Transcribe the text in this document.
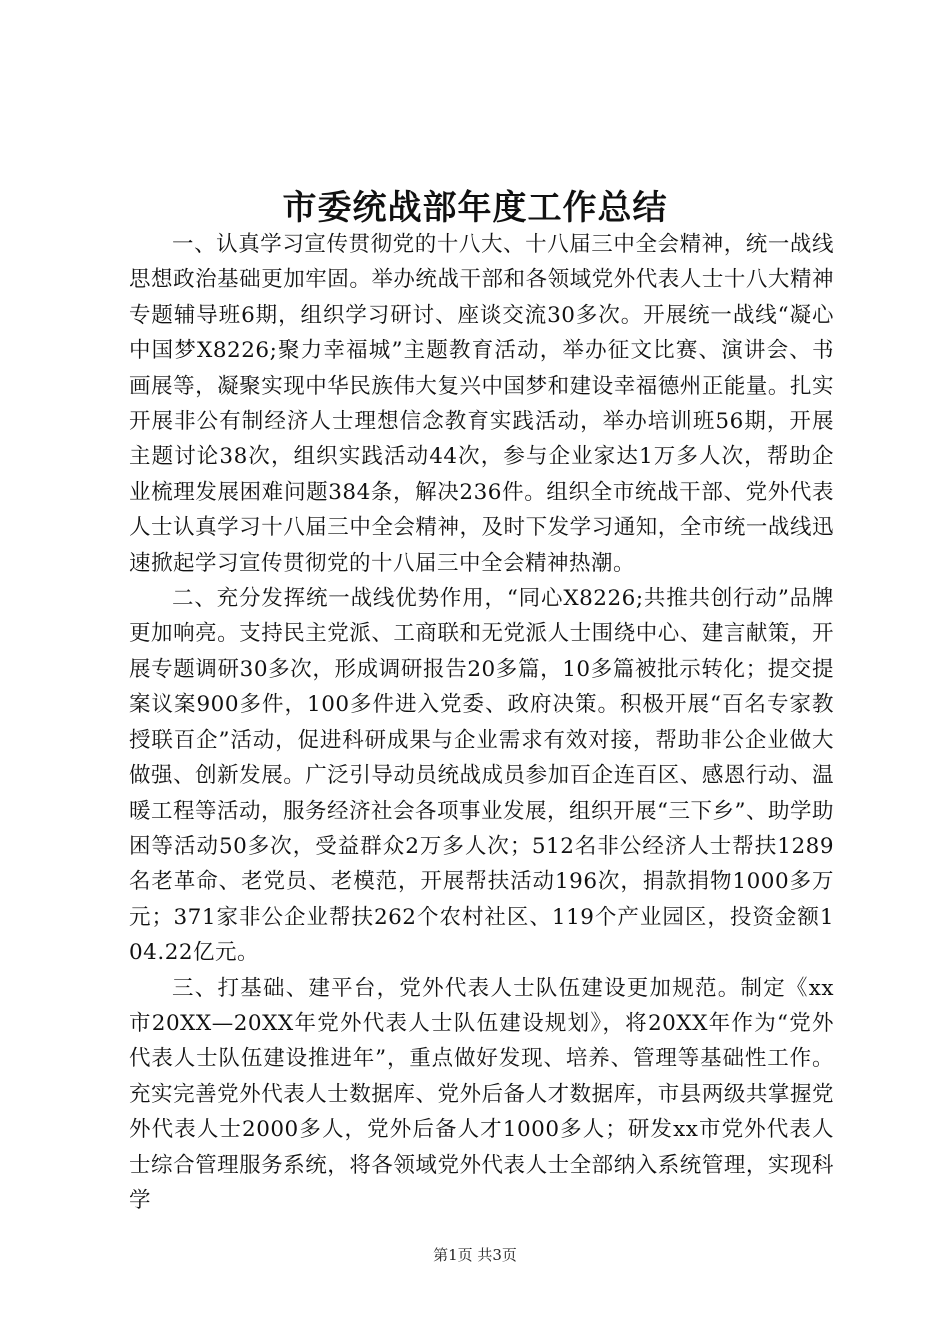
市委统战部年度工作总结

一、认真学习宣传贯彻党的十八大、十八届三中全会精神，统一战线思想政治基础更加牢固。举办统战干部和各领域党外代表人士十八大精神专题辅导班6期，组织学习研讨、座谈交流30多次。开展统一战线“凝心中国梦X8226;聚力幸福城”主题教育活动，举办征文比赛、演讲会、书画展等，凝聚实现中华民族伟大复兴中国梦和建设幸福德州正能量。扎实开展非公有制经济人士理想信念教育实践活动，举办培训班56期，开展主题讨论38次，组织实践活动44次，参与企业家达1万多人次，帮助企业梳理发展困难问题384条，解决236件。组织全市统战干部、党外代表人士认真学习十八届三中全会精神，及时下发学习通知，全市统一战线迅速掀起学习宣传贯彻党的十八届三中全会精神热潮。

二、充分发挥统一战线优势作用，“同心X8226;共推共创行动”品牌更加响亮。支持民主党派、工商联和无党派人士围绕中心、建言献策，开展专题调研30多次，形成调研报告20多篇，10多篇被批示转化；提交提案议案900多件，100多件进入党委、政府决策。积极开展“百名专家教授联百企”活动，促进科研成果与企业需求有效对接，帮助非公企业做大做强、创新发展。广泛引导动员统战成员参加百企连百区、感恩行动、温暖工程等活动，服务经济社会各项事业发展，组织开展“三下乡”、助学助困等活动50多次，受益群众2万多人次；512名非公经济人士帮扶1289名老革命、老党员、老模范，开展帮扶活动196次，捐款捐物1000多万元；371家非公企业帮扶262个农村社区、119个产业园区，投资金额104.22亿元。

三、打基础、建平台，党外代表人士队伍建设更加规范。制定《xx市20XX—20XX年党外代表人士队伍建设规划》，将20XX年作为“党外代表人士队伍建设推进年”，重点做好发现、培养、管理等基础性工作。充实完善党外代表人士数据库、党外后备人才数据库，市县两级共掌握党外代表人士2000多人，党外后备人才1000多人；研发xx市党外代表人士综合管理服务系统，将各领域党外代表人士全部纳入系统管理，实现科学

第1页 共3页
